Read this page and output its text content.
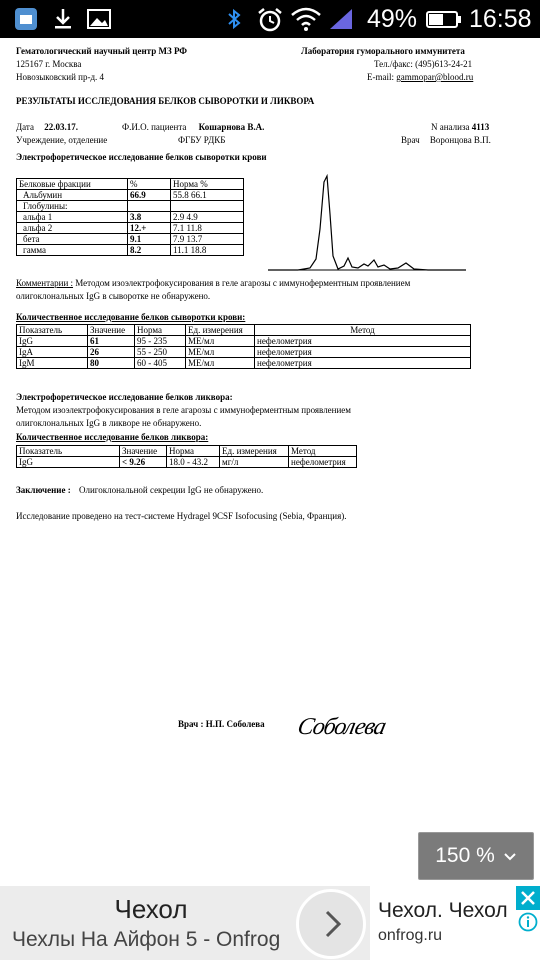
49% 16:58
Гематологический научный центр МЗ РФ	Лаборатория гуморального иммунитета
125167 г. Москва	Тел./факс: (495)613-24-21
Новозыковский пр-д. 4	E-mail: gammopar@blood.ru
РЕЗУЛЬТАТЫ ИССЛЕДОВАНИЯ БЕЛКОВ СЫВОРОТКИ И ЛИКВОРА
Дата 22.03.17.	Ф.И.О. пациента Кошарнова В.А.	N анализа 4113
Учреждение, отделение	ФГБУ РДКБ	Врач Воронцова В.П.
Электрофоретическое исследование белков сыворотки крови
Белковые фракции	%	Норма %
Альбумин	66.9	55.8 66.1
Глобулины:		
альфа 1	3.8	2.9 4.9
альфа 2	12.+	7.1 11.8
бета	9.1	7.9 13.7
гамма	8.2	11.1 18.8
Комментарии : Методом изоэлектрофокусирования в геле агарозы с иммуноферментным проявлением
олигоклональных IgG в сыворотке не обнаружено.
Количественное исследование белков сыворотки крови:
Показатель	Значение	Норма	Ед. измерения	Метод
IgG	61	95 - 235	МЕ/мл	нефелометрия
IgA	26	55 - 250	МЕ/мл	нефелометрия
IgM	80	60 - 405	МЕ/мл	нефелометрия
Электрофоретическое исследование белков ликвора:
Методом изоэлектрофокусирования в геле агарозы с иммуноферментным проявлением
олигоклональных IgG в ликворе не обнаружено.
Количественное исследование белков ликвора:
Показатель	Значение	Норма	Ед. измерения	Метод
IgG	< 9.26	18.0 - 43.2	мг/л	нефелометрия
Заключение : Олигоклональной секреции IgG не обнаружено.
Исследование проведено на тест-системе Hydragel 9CSF Isofocusing (Sebia, Франция).
Врач : Н.П. Соболева Соболева
150 %
Чехол
Чехлы На Айфон 5 - Onfrog
Чехол. Чехол
onfrog.ru
